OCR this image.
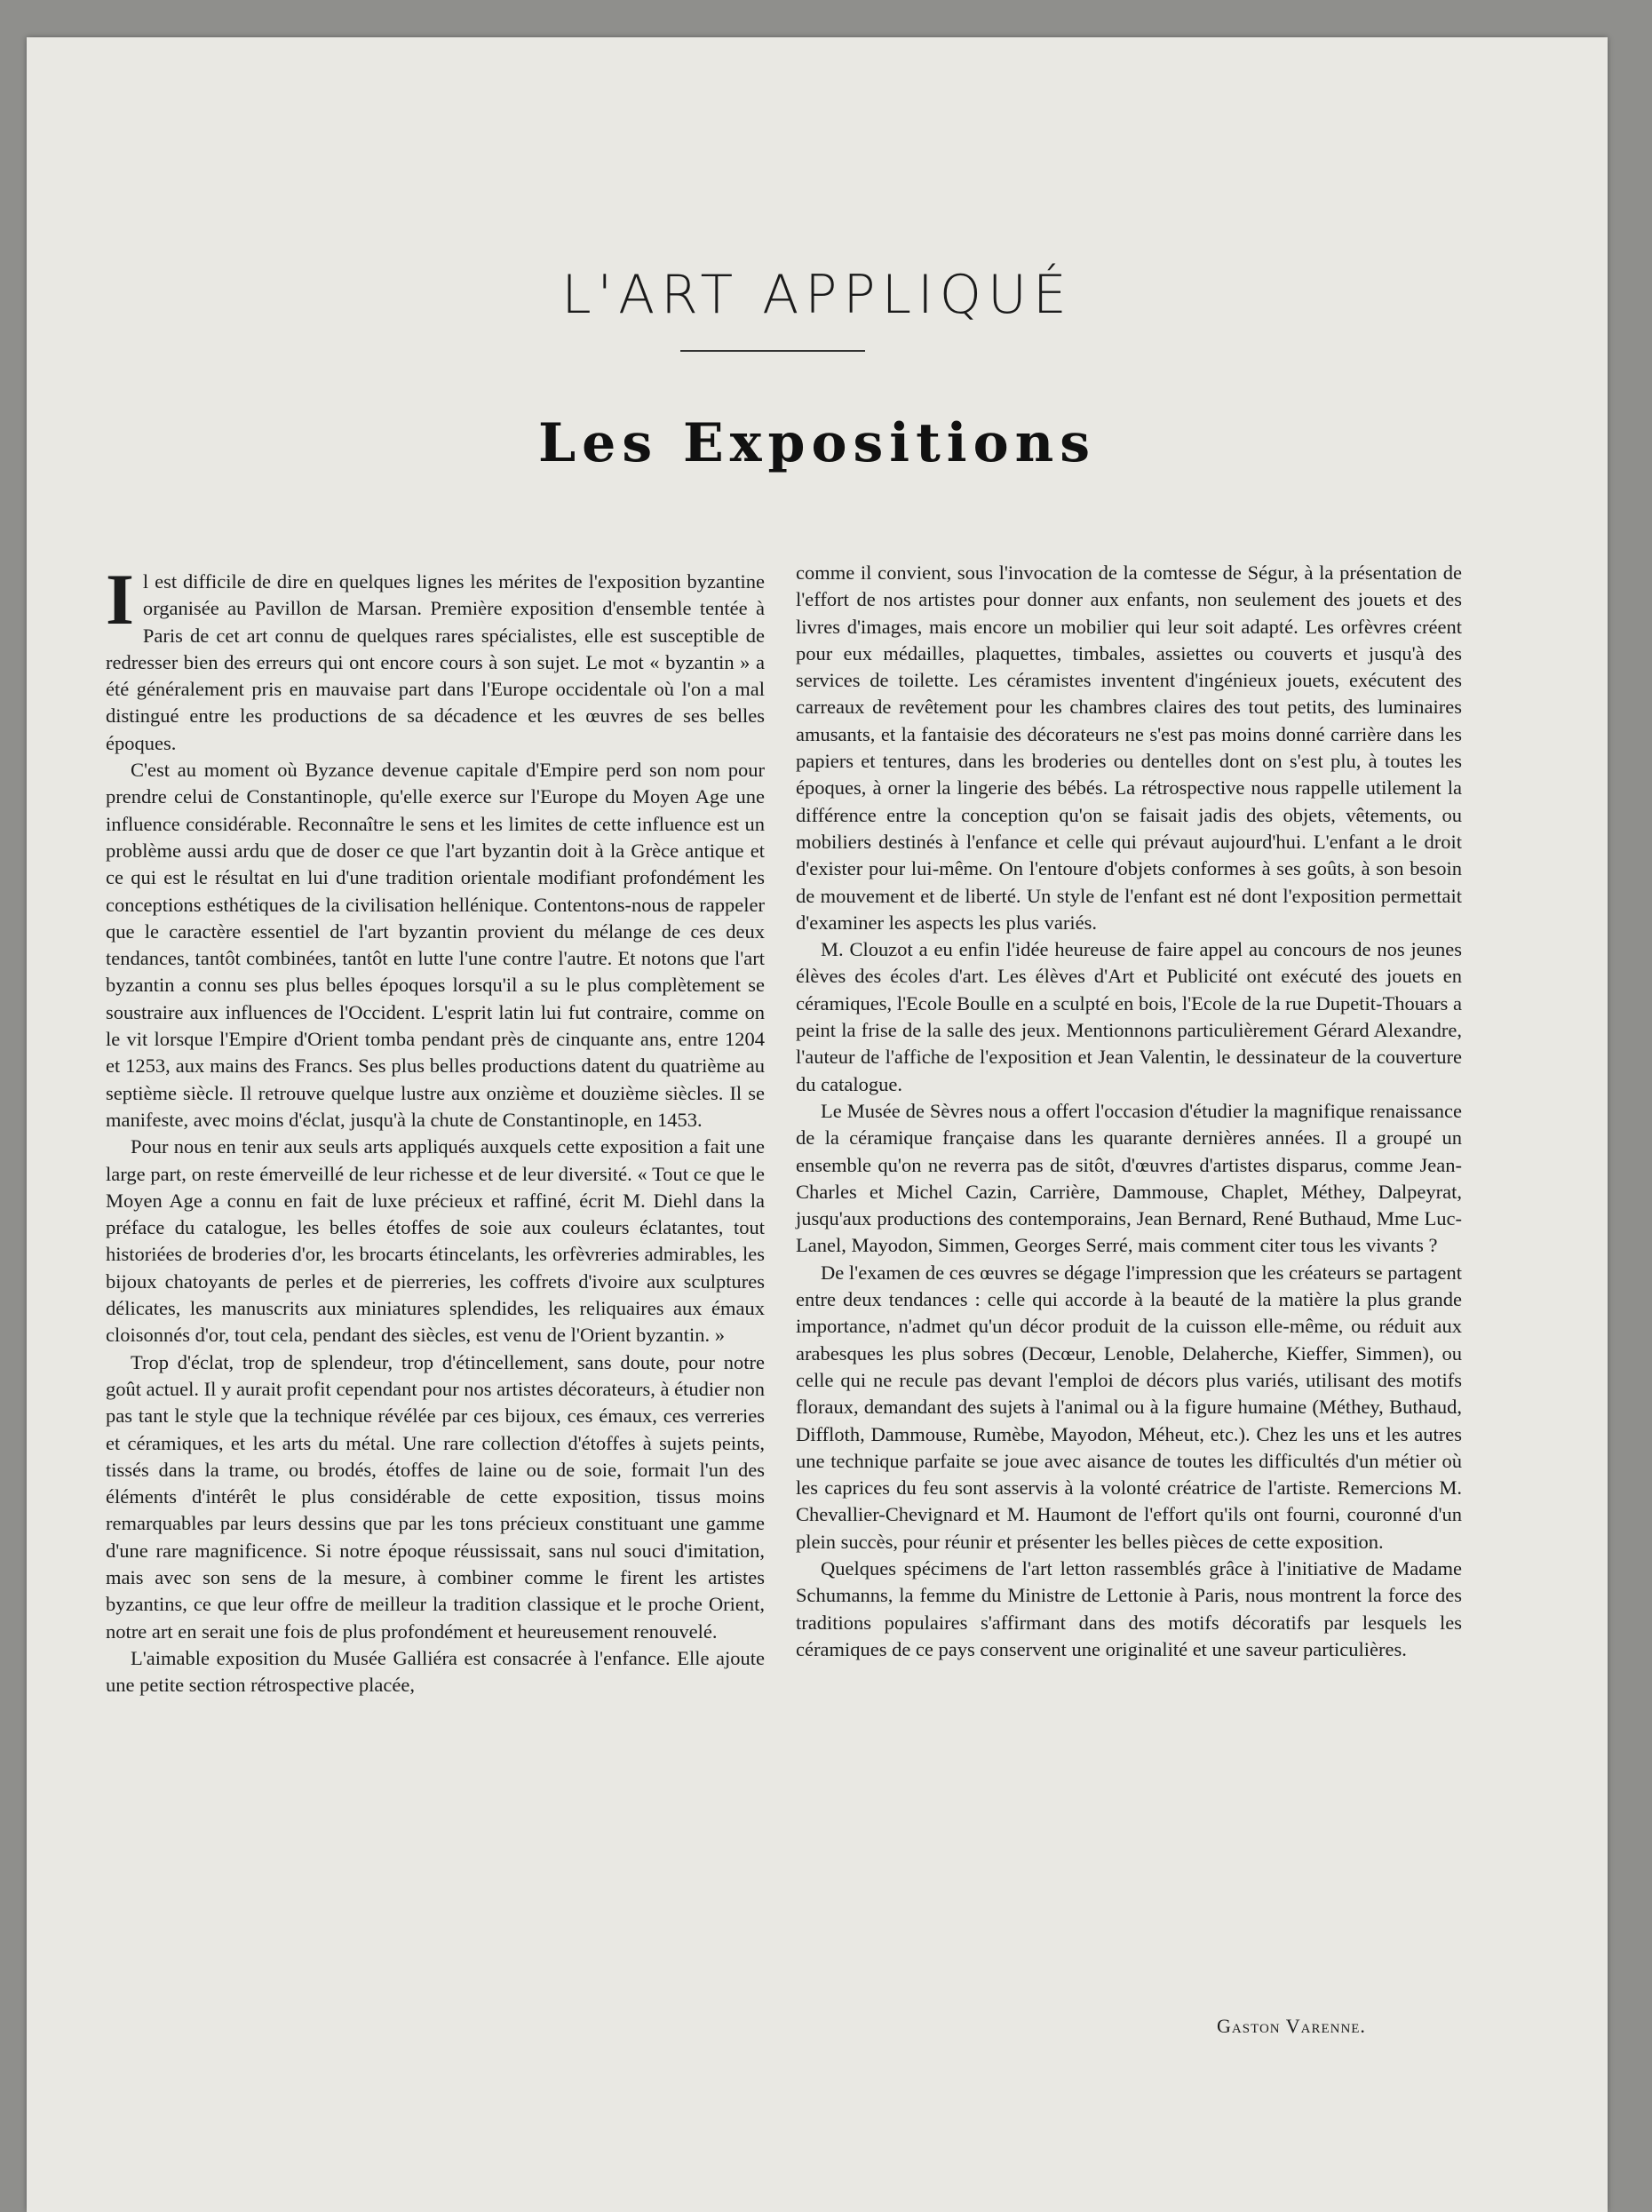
L'ART APPLIQUÉ
Les Expositions

Il est difficile de dire en quelques lignes les mérites de l'exposition byzantine organisée au Pavillon de Marsan. Première exposition d'ensemble tentée à Paris de cet art connu de quelques rares spécialistes, elle est susceptible de redresser bien des erreurs qui ont encore cours à son sujet. Le mot « byzantin » a été généralement pris en mauvaise part dans l'Europe occidentale où l'on a mal distingué entre les productions de sa décadence et les œuvres de ses belles époques.

C'est au moment où Byzance devenue capitale d'Empire perd son nom pour prendre celui de Constantinople, qu'elle exerce sur l'Europe du Moyen Age une influence considérable. Reconnaître le sens et les limites de cette influence est un problème aussi ardu que de doser ce que l'art byzantin doit à la Grèce antique et ce qui est le résultat en lui d'une tradition orientale modifiant profondément les conceptions esthétiques de la civilisation hellénique. Contentons-nous de rappeler que le caractère essentiel de l'art byzantin provient du mélange de ces deux tendances, tantôt combinées, tantôt en lutte l'une contre l'autre. Et notons que l'art byzantin a connu ses plus belles époques lorsqu'il a su le plus complètement se soustraire aux influences de l'Occident. L'esprit latin lui fut contraire, comme on le vit lorsque l'Empire d'Orient tomba pendant près de cinquante ans, entre 1204 et 1253, aux mains des Francs. Ses plus belles productions datent du quatrième au septième siècle. Il retrouve quelque lustre aux onzième et douzième siècles. Il se manifeste, avec moins d'éclat, jusqu'à la chute de Constantinople, en 1453.

Pour nous en tenir aux seuls arts appliqués auxquels cette exposition a fait une large part, on reste émerveillé de leur richesse et de leur diversité. « Tout ce que le Moyen Age a connu en fait de luxe précieux et raffiné, écrit M. Diehl dans la préface du catalogue, les belles étoffes de soie aux couleurs éclatantes, tout historiées de broderies d'or, les brocarts étincelants, les orfèvreries admirables, les bijoux chatoyants de perles et de pierreries, les coffrets d'ivoire aux sculptures délicates, les manuscrits aux miniatures splendides, les reliquaires aux émaux cloisonnés d'or, tout cela, pendant des siècles, est venu de l'Orient byzantin. »

Trop d'éclat, trop de splendeur, trop d'étincellement, sans doute, pour notre goût actuel. Il y aurait profit cependant pour nos artistes décorateurs, à étudier non pas tant le style que la technique révélée par ces bijoux, ces émaux, ces verreries et céramiques, et les arts du métal. Une rare collection d'étoffes à sujets peints, tissés dans la trame, ou brodés, étoffes de laine ou de soie, formait l'un des éléments d'intérêt le plus considérable de cette exposition, tissus moins remarquables par leurs dessins que par les tons précieux constituant une gamme d'une rare magnificence. Si notre époque réussissait, sans nul souci d'imitation, mais avec son sens de la mesure, à combiner comme le firent les artistes byzantins, ce que leur offre de meilleur la tradition classique et le proche Orient, notre art en serait une fois de plus profondément et heureusement renouvelé.

L'aimable exposition du Musée Galliéra est consacrée à l'enfance. Elle ajoute une petite section rétrospective placée,

comme il convient, sous l'invocation de la comtesse de Ségur, à la présentation de l'effort de nos artistes pour donner aux enfants, non seulement des jouets et des livres d'images, mais encore un mobilier qui leur soit adapté. Les orfèvres créent pour eux médailles, plaquettes, timbales, assiettes ou couverts et jusqu'à des services de toilette. Les céramistes inventent d'ingénieux jouets, exécutent des carreaux de revêtement pour les chambres claires des tout petits, des luminaires amusants, et la fantaisie des décorateurs ne s'est pas moins donné carrière dans les papiers et tentures, dans les broderies ou dentelles dont on s'est plu, à toutes les époques, à orner la lingerie des bébés. La rétrospective nous rappelle utilement la différence entre la conception qu'on se faisait jadis des objets, vêtements, ou mobiliers destinés à l'enfance et celle qui prévaut aujourd'hui. L'enfant a le droit d'exister pour lui-même. On l'entoure d'objets conformes à ses goûts, à son besoin de mouvement et de liberté. Un style de l'enfant est né dont l'exposition permettait d'examiner les aspects les plus variés.

M. Clouzot a eu enfin l'idée heureuse de faire appel au concours de nos jeunes élèves des écoles d'art. Les élèves d'Art et Publicité ont exécuté des jouets en céramiques, l'Ecole Boulle en a sculpté en bois, l'Ecole de la rue Dupetit-Thouars a peint la frise de la salle des jeux. Mentionnons particulièrement Gérard Alexandre, l'auteur de l'affiche de l'exposition et Jean Valentin, le dessinateur de la couverture du catalogue.

Le Musée de Sèvres nous a offert l'occasion d'étudier la magnifique renaissance de la céramique française dans les quarante dernières années. Il a groupé un ensemble qu'on ne reverra pas de sitôt, d'œuvres d'artistes disparus, comme Jean-Charles et Michel Cazin, Carrière, Dammouse, Chaplet, Méthey, Dalpeyrat, jusqu'aux productions des contemporains, Jean Bernard, René Buthaud, Mme Luc-Lanel, Mayodon, Simmen, Georges Serré, mais comment citer tous les vivants ?

De l'examen de ces œuvres se dégage l'impression que les créateurs se partagent entre deux tendances : celle qui accorde à la beauté de la matière la plus grande importance, n'admet qu'un décor produit de la cuisson elle-même, ou réduit aux arabesques les plus sobres (Decœur, Lenoble, Delaherche, Kieffer, Simmen), ou celle qui ne recule pas devant l'emploi de décors plus variés, utilisant des motifs floraux, demandant des sujets à l'animal ou à la figure humaine (Méthey, Buthaud, Diffloth, Dammouse, Rumèbe, Mayodon, Méheut, etc.). Chez les uns et les autres une technique parfaite se joue avec aisance de toutes les difficultés d'un métier où les caprices du feu sont asservis à la volonté créatrice de l'artiste. Remercions M. Chevallier-Chevignard et M. Haumont de l'effort qu'ils ont fourni, couronné d'un plein succès, pour réunir et présenter les belles pièces de cette exposition.

Quelques spécimens de l'art letton rassemblés grâce à l'initiative de Madame Schumanns, la femme du Ministre de Lettonie à Paris, nous montrent la force des traditions populaires s'affirmant dans des motifs décoratifs par lesquels les céramiques de ce pays conservent une originalité et une saveur particulières.

Gaston Varenne.
